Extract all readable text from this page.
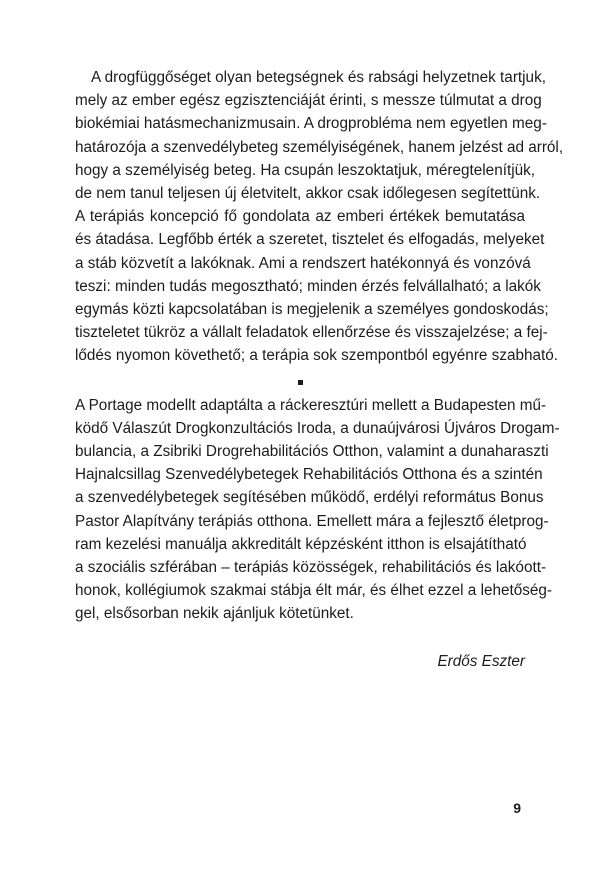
A drogfüggőséget olyan betegségnek és rabsági helyzetnek tartjuk,
mely az ember egész egzisztenciáját érinti, s messze túlmutat a drog
biokémiai hatásmechanizmusain. A drogprobléma nem egyetlen meg-
határozója a szenvedélybeteg személyiségének, hanem jelzést ad arról,
hogy a személyiség beteg. Ha csupán leszoktatjuk, méregtelenítjük,
de nem tanul teljesen új életvitelt, akkor csak időlegesen segítettünk.
A terápiás koncepció fő gondolata az emberi értékek bemutatása
és átadása. Legfőbb érték a szeretet, tisztelet és elfogadás, melyeket
a stáb közvetít a lakóknak. Ami a rendszert hatékonnyá és vonzóvá
teszi: minden tudás megosztható; minden érzés felvállalható; a lakók
egymás közti kapcsolatában is megjelenik a személyes gondoskodás;
tiszteletet tükröz a vállalt feladatok ellenőrzése és visszajelzése; a fej-
lődés nyomon követhető; a terápia sok szempontból egyénre szabható.

A Portage modellt adaptálta a ráckeresztúri mellett a Budapesten mű-
ködő Válaszút Drogkonzultációs Iroda, a dunaújvárosi Újváros Drogam-
bulancia, a Zsibriki Drogrehabilitációs Otthon, valamint a dunaharaszti
Hajnalcsillag Szenvedélybetegek Rehabilitációs Otthona és a szintén
a szenvedélybetegek segítésében működő, erdélyi református Bonus
Pastor Alapítvány terápiás otthona. Emellett mára a fejlesztő életprog-
ram kezelési manuálja akkreditált képzésként itthon is elsajátítható
a szociális szférában – terápiás közösségek, rehabilitációs és lakóott-
honok, kollégiumok szakmai stábja élt már, és élhet ezzel a lehetőség-
gel, elsősorban nekik ajánljuk kötetünket.

Erdős Eszter
9
